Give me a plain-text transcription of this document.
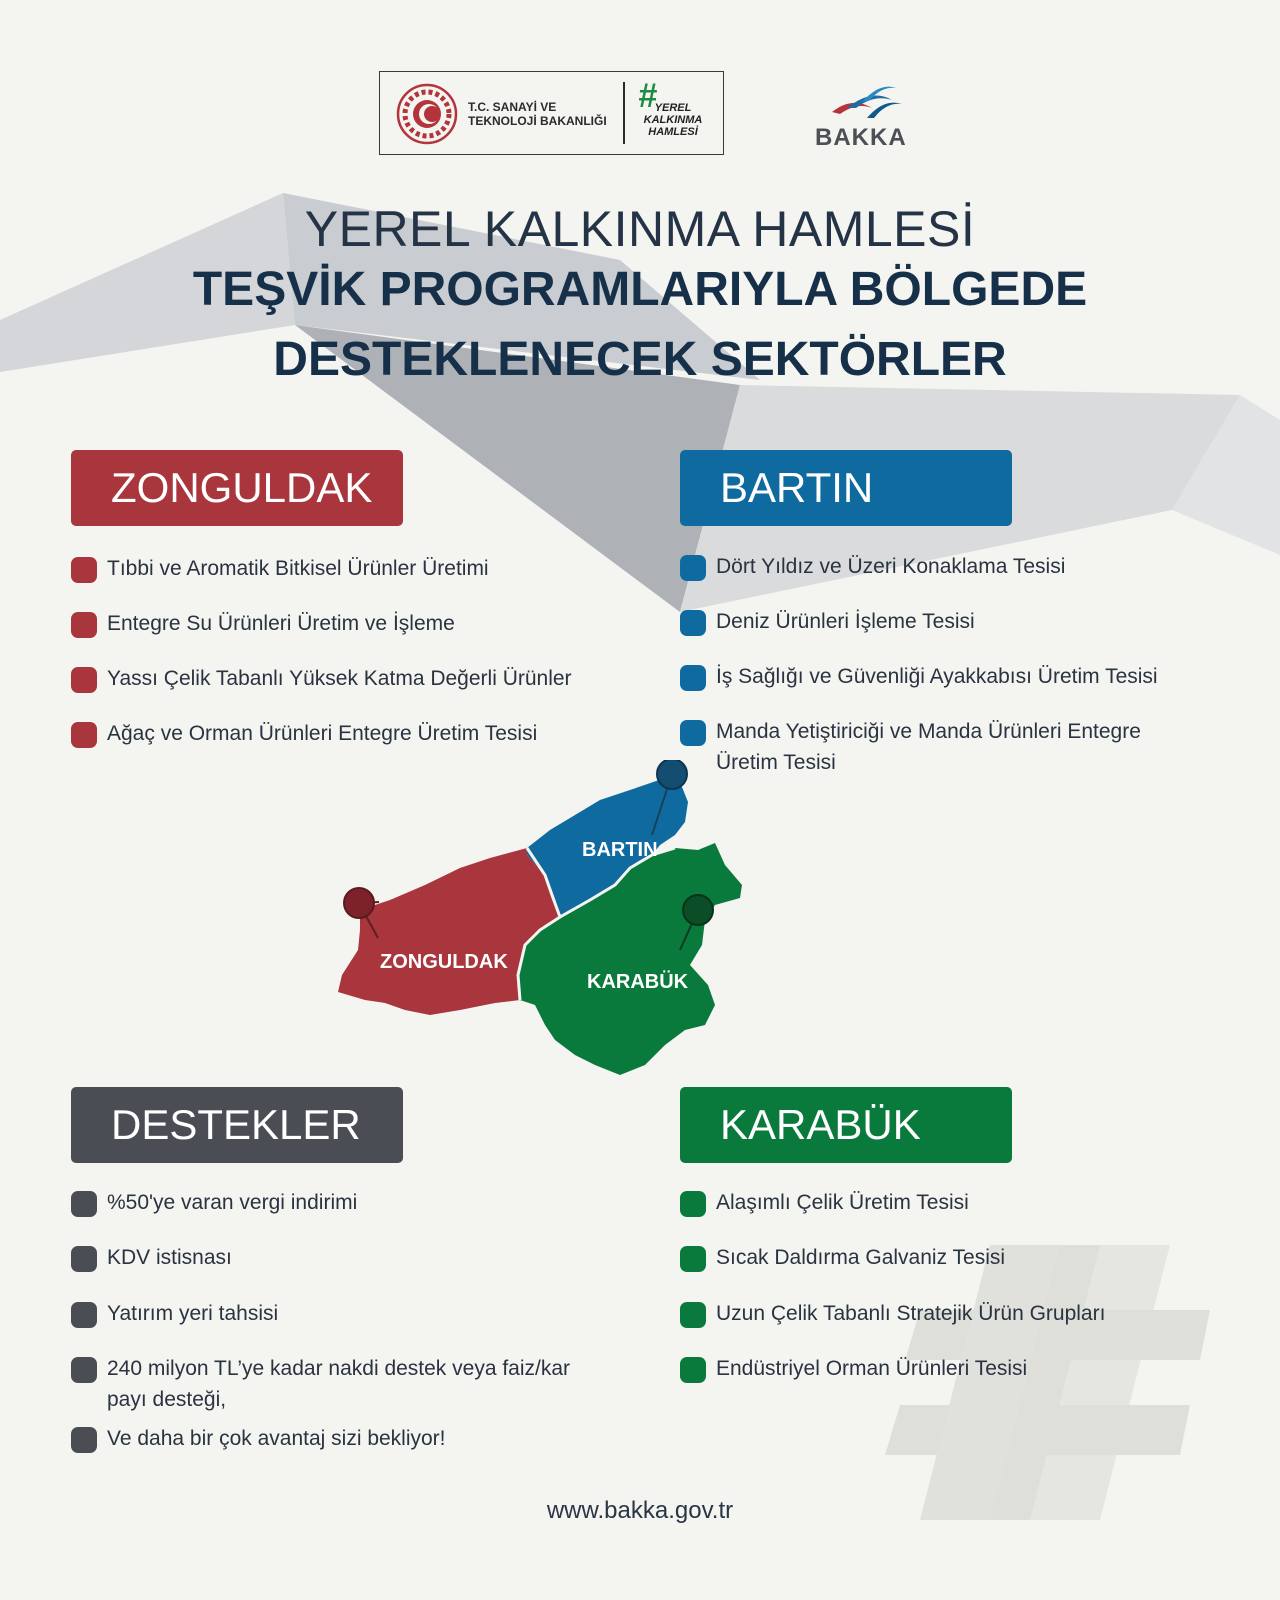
T.C. SANAYİ VE
TEKNOLOJİ BAKANLIĞI
#
YEREL
KALKINMA
HAMLESİ	BAKKA
YEREL KALKINMA HAMLESİ
TEŞVİK PROGRAMLARIYLA BÖLGEDE
DESTEKLENECEK SEKTÖRLER
ZONGULDAK	BARTIN
DESTEKLER	KARABÜK
Tıbbi ve Aromatik Bitkisel Ürünler Üretimi
Entegre Su Ürünleri Üretim ve İşleme
Yassı Çelik Tabanlı Yüksek Katma Değerli Ürünler
Ağaç ve Orman Ürünleri Entegre Üretim Tesisi
Dört Yıldız ve Üzeri Konaklama Tesisi
Deniz Ürünleri İşleme Tesisi
İş Sağlığı ve Güvenliği Ayakkabısı Üretim Tesisi
Manda Yetiştiriciği ve Manda Ürünleri Entegre Üretim Tesisi
BARTIN
ZONGULDAK
KARABÜK
%50'ye varan vergi indirimi
KDV istisnası
Yatırım yeri tahsisi
240 milyon TL’ye kadar nakdi destek veya faiz/kar payı desteği,
Ve daha bir çok avantaj sizi bekliyor!
Alaşımlı Çelik Üretim Tesisi
Sıcak Daldırma Galvaniz Tesisi
Uzun Çelik Tabanlı Stratejik Ürün Grupları
Endüstriyel Orman Ürünleri Tesisi
www.bakka.gov.tr
